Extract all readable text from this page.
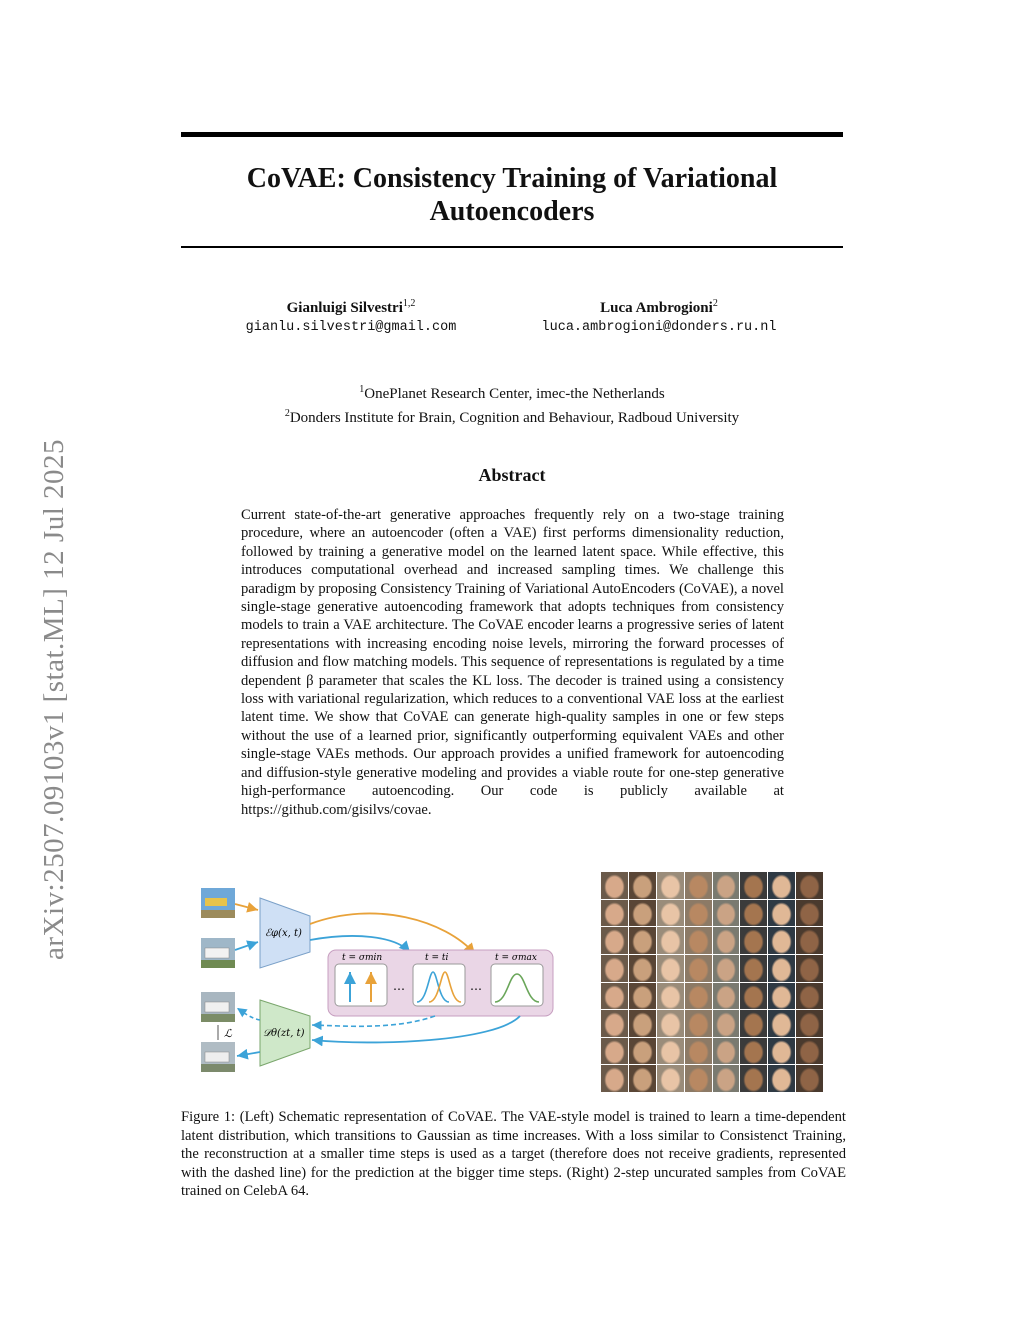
arXiv:2507.09103v1 [stat.ML] 12 Jul 2025
CoVAE: Consistency Training of Variational Autoencoders
Gianluigi Silvestri$^{1,2}$
gianlu.silvestri@gmail.com
Luca Ambrogioni$^2$
luca.ambrogioni@donders.ru.nl
$^1$OnePlanet Research Center, imec-the Netherlands
$^2$Donders Institute for Brain, Cognition and Behaviour, Radboud University
Abstract
Current state-of-the-art generative approaches frequently rely on a two-stage training procedure, where an autoencoder (often a VAE) first performs dimensionality reduction, followed by training a generative model on the learned latent space. While effective, this introduces computational overhead and increased sampling times. We challenge this paradigm by proposing Consistency Training of Variational AutoEncoders (CoVAE), a novel single-stage generative autoencoding framework that adopts techniques from consistency models to train a VAE architecture. The CoVAE encoder learns a progressive series of latent representations with increasing encoding noise levels, mirroring the forward processes of diffusion and flow matching models. This sequence of representations is regulated by a time dependent β parameter that scales the KL loss. The decoder is trained using a consistency loss with variational regularization, which reduces to a conventional VAE loss at the earliest latent time. We show that CoVAE can generate high-quality samples in one or few steps without the use of a learned prior, significantly outperforming equivalent VAEs and other single-stage VAEs methods. Our approach provides a unified framework for autoencoding and diffusion-style generative modeling and provides a viable route for one-step generative high-performance autoencoding. Our code is publicly available at https://github.com/gisilvs/covae.
ℒ
ℰφ(x, t)
𝒟θ(zt, t)
t = σmin	t = ti	t = σmax
…	…
Figure 1: (Left) Schematic representation of CoVAE. The VAE-style model is trained to learn a time-dependent latent distribution, which transitions to Gaussian as time increases. With a loss similar to Consistenct Training, the reconstruction at a smaller time steps is used as a target (therefore does not receive gradients, represented with the dashed line) for the prediction at the bigger time steps. (Right) 2-step uncurated samples from CoVAE trained on CelebA 64.
